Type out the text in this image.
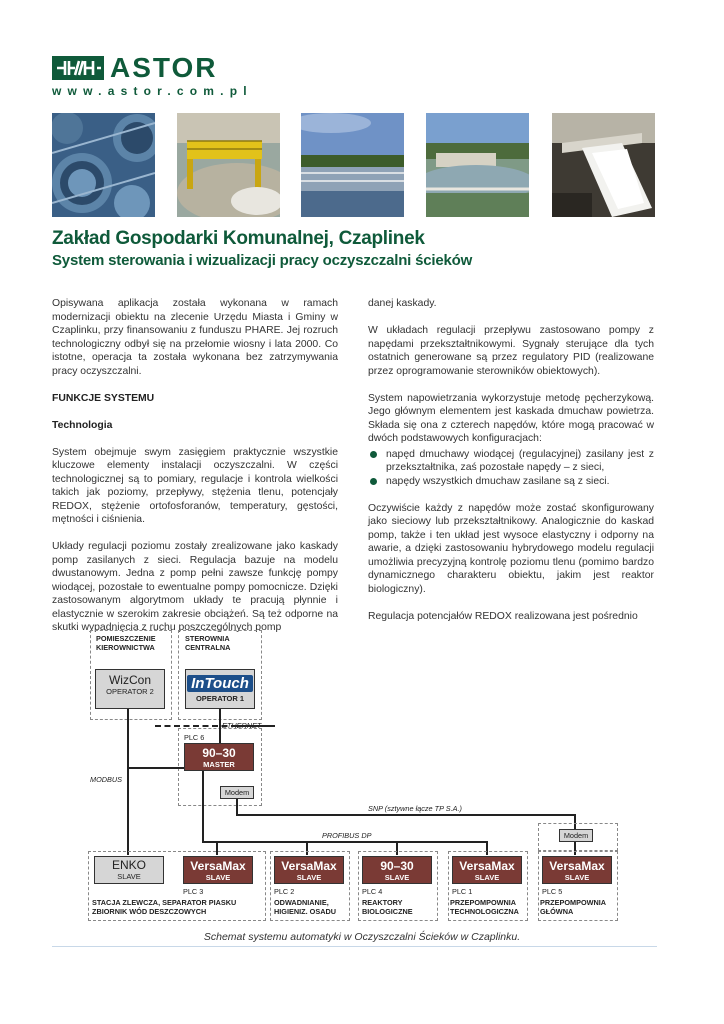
ASTOR
www.astor.com.pl
Zakład Gospodarki Komunalnej, Czaplinek
System sterowania i wizualizacji pracy oczyszczalni ścieków

Opisywana aplikacja została wykonana w ramach modernizacji obiektu na zlecenie Urzędu Miasta i Gminy w Czaplinku, przy finansowaniu z funduszu PHARE. Jej rozruch technologiczny odbył się na przełomie wiosny i lata 2000. Co istotne, operacja ta została wykonana bez zatrzymywania pracy oczyszczalni.

FUNKCJE SYSTEMU
Technologia

System obejmuje swym zasięgiem praktycznie wszystkie kluczowe elementy instalacji oczyszczalni. W części technologicznej są to pomiary, regulacje i kontrola wielkości takich jak poziomy, przepływy, stężenia tlenu, potencjały REDOX, stężenie ortofosforanów, temperatury, gęstości, mętności i ciśnienia.

Układy regulacji poziomu zostały zrealizowane jako kaskady pomp zasilanych z sieci. Regulacja bazuje na modelu dwustanowym. Jedna z pomp pełni zawsze funkcję pompy wiodącej, pozostałe to ewentualne pompy pomocnicze. Dzięki zastosowanym algorytmom układy te pracują płynnie i elastycznie w szerokim zakresie obciążeń. Są też odporne na skutki wypadnięcia z ruchu poszczególnych pomp

danej kaskady.

W układach regulacji przepływu zastosowano pompy z napędami przekształtnikowymi. Sygnały sterujące dla tych ostatnich generowane są przez regulatory PID (realizowane przez oprogramowanie sterowników obiektowych).

System napowietrzania wykorzystuje metodę pęcherzykową. Jego głównym elementem jest kaskada dmuchaw powietrza. Składa się ona z czterech napędów, które mogą pracować w dwóch podstawowych konfiguracjach:

napęd dmuchawy wiodącej (regulacyjnej) zasilany jest z przekształtnika, zaś pozostałe napędy – z sieci,
napędy wszystkich dmuchaw zasilane są z sieci.

Oczywiście każdy z napędów może zostać skonfigurowany jako sieciowy lub przekształtnikowy. Analogicznie do kaskad pomp, także i ten układ jest wysoce elastyczny i odporny na awarie, a dzięki zastosowaniu hybrydowego modelu regulacji umożliwia precyzyjną kontrolę poziomu tlenu (pomimo bardzo dynamicznego charakteru obiektu, jakim jest reaktor biologiczny).

Regulacja potencjałów REDOX realizowana jest pośrednio

POMIESZCZENIE
KIEROWNICTWA
STEROWNIA
CENTRALNA
WizCon
OPERATOR 2	InTouch
OPERATOR 1
PLC 6
90–30
MASTER
Modem
ETHERNET
MODBUS
SNP (sztywne łącze TP S.A.)
PROFIBUS DP	Modem
ENKO
SLAVE
VersaMax
SLAVE
PLC 3
STACJA ZLEWCZA, SEPARATOR PIASKU
ZBIORNIK WÓD DESZCZOWYCH
VersaMax
SLAVE
PLC 2
ODWADNIANIE,
HIGIENIZ. OSADU
90–30
SLAVE
PLC 4
REAKTORY
BIOLOGICZNE
VersaMax
SLAVE
PLC 1
PRZEPOMPOWNIA
TECHNOLOGICZNA
VersaMax
SLAVE
PLC 5
PRZEPOMPOWNIA
GŁÓWNA
Schemat systemu automatyki w Oczyszczalni Ścieków w Czaplinku.
